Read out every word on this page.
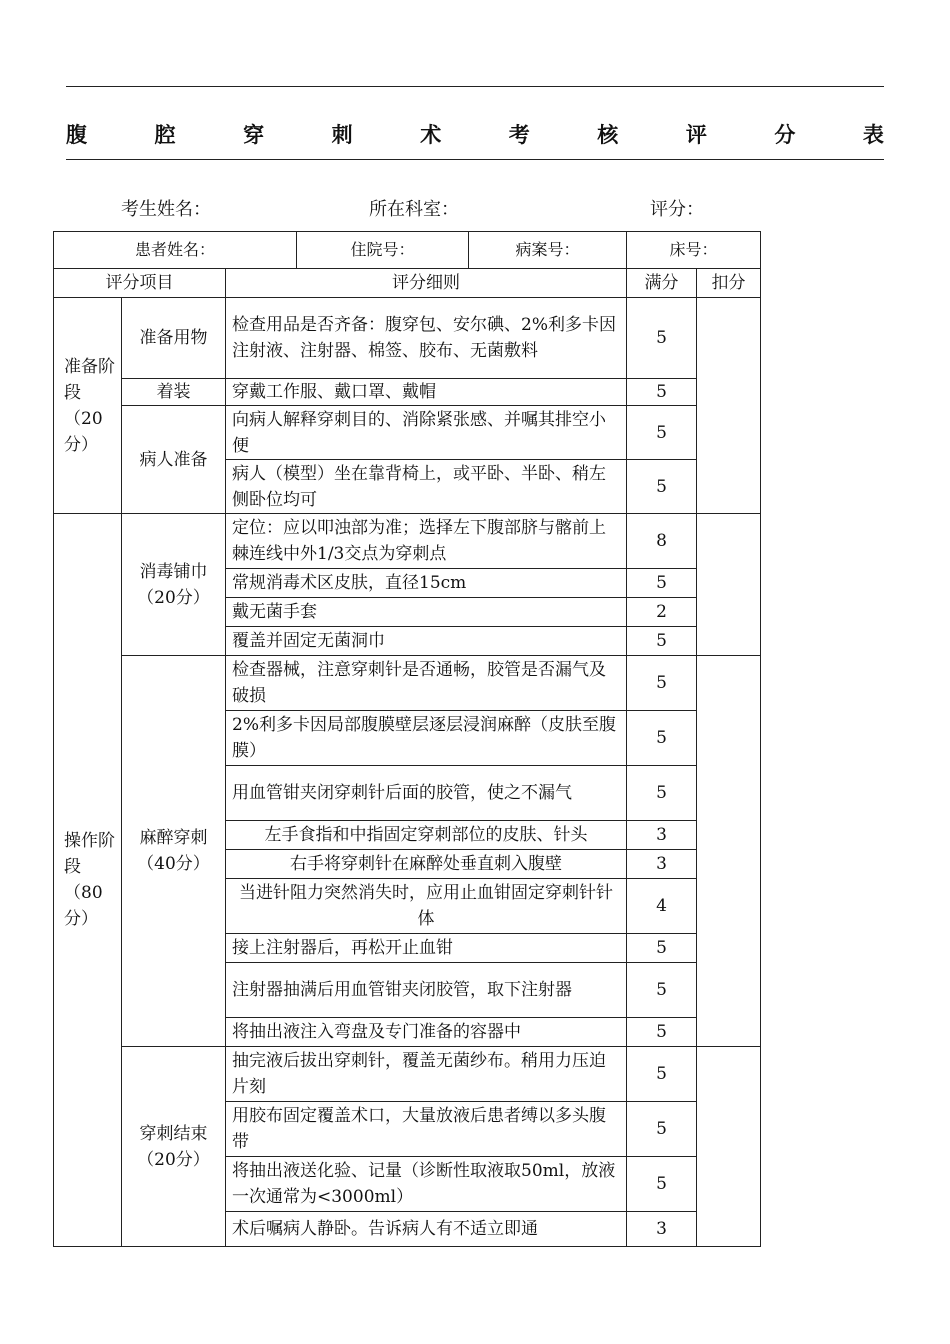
腹	腔	穿	刺	术	考	核	评	分	表
考生姓名：	所在科室：	评分：
患者姓名：			住院号：	病案号：	床号：	
评分项目		评分细则			满分	扣分
准备阶段（20分）	准备用物	检查用品是否齐备：腹穿包、安尔碘、2%利多卡因注射液、注射器、棉签、胶布、无菌敷料			5	
	着装	穿戴工作服、戴口罩、戴帽			5	
	病人准备	向病人解释穿刺目的、消除紧张感、并嘱其排空小便			5	
		病人（模型）坐在靠背椅上，或平卧、半卧、稍左侧卧位均可			5	
操作阶段（80分）	消毒铺巾（20分）	定位：应以叩浊部为准；选择左下腹部脐与髂前上棘连线中外1/3交点为穿刺点			8	
		常规消毒术区皮肤，直径15cm			5	
		戴无菌手套			2	
		覆盖并固定无菌洞巾			5	
	麻醉穿刺（40分）	检查器械，注意穿刺针是否通畅，胶管是否漏气及破损			5	
		2%利多卡因局部腹膜壁层逐层浸润麻醉（皮肤至腹膜）			5	
		用血管钳夹闭穿刺针后面的胶管，使之不漏气			5	
		左手食指和中指固定穿刺部位的皮肤、针头			3	
		右手将穿刺针在麻醉处垂直刺入腹壁			3	
		当进针阻力突然消失时，应用止血钳固定穿刺针针体			4	
		接上注射器后，再松开止血钳			5	
		注射器抽满后用血管钳夹闭胶管，取下注射器			5	
		将抽出液注入弯盘及专门准备的容器中			5	
	穿刺结束（20分）	抽完液后拔出穿刺针，覆盖无菌纱布。稍用力压迫片刻			5	
		用胶布固定覆盖术口，大量放液后患者缚以多头腹带			5	
		将抽出液送化验、记量（诊断性取液取50ml，放液一次通常为<3000ml）			5	
		术后嘱病人静卧。告诉病人有不适立即通			3	
